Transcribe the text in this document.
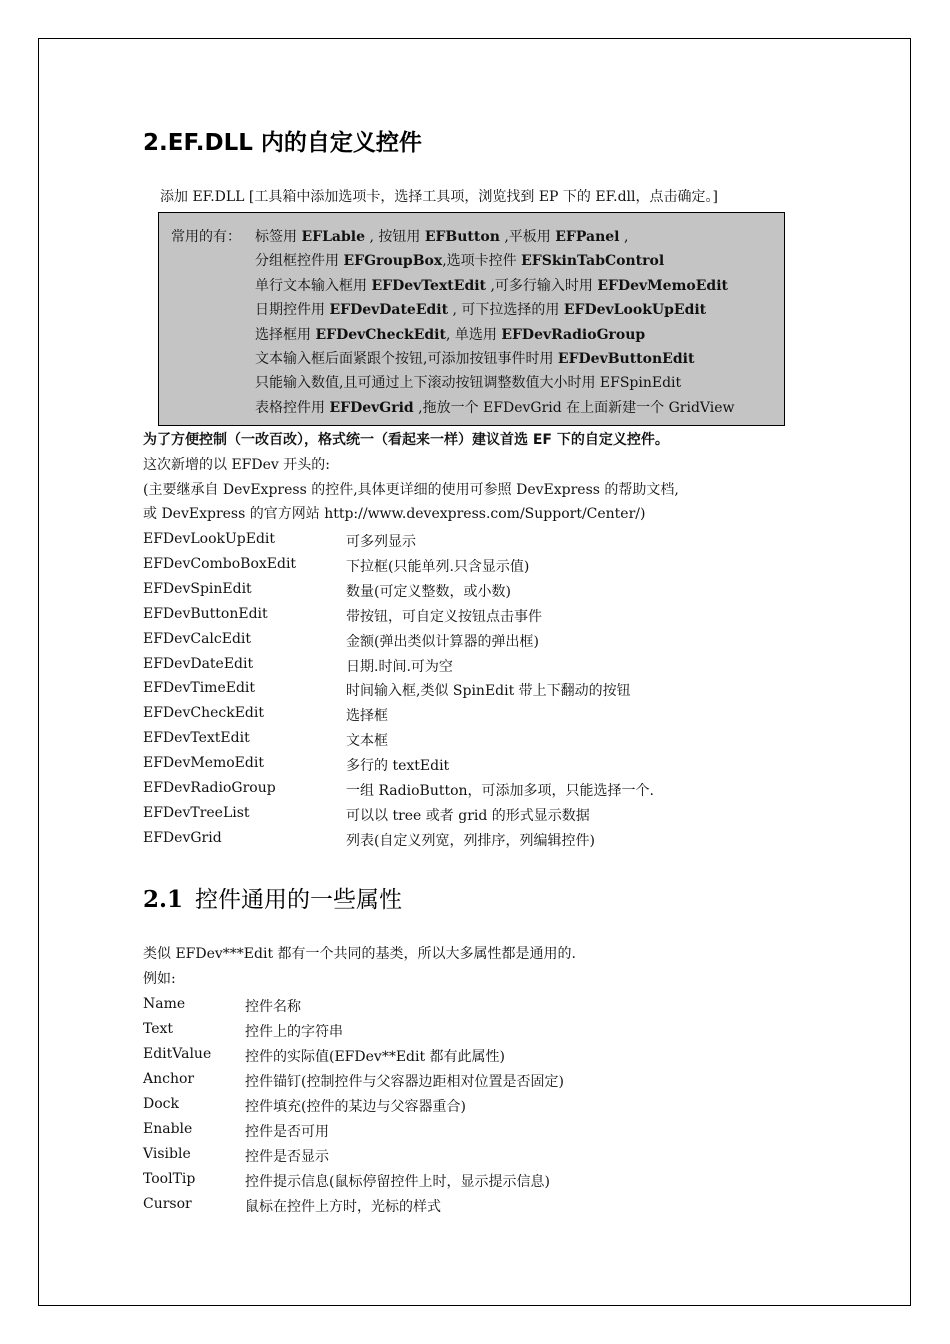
2.EF.DLL 内的自定义控件
添加 EF.DLL [工具箱中添加选项卡，选择工具项，浏览找到 EP 下的 EF.dll，点击确定。]
常用的有： 标签用 EFLable , 按钮用 EFButton ,平板用 EFPanel ,
分组框控件用 EFGroupBox,选项卡控件 EFSkinTabControl
单行文本输入框用 EFDevTextEdit ,可多行输入时用 EFDevMemoEdit
日期控件用 EFDevDateEdit , 可下拉选择的用 EFDevLookUpEdit
选择框用 EFDevCheckEdit, 单选用 EFDevRadioGroup
文本输入框后面紧跟个按钮,可添加按钮事件时用 EFDevButtonEdit
只能输入数值,且可通过上下滚动按钮调整数值大小时用 EFSpinEdit
表格控件用 EFDevGrid ,拖放一个 EFDevGrid 在上面新建一个 GridView
为了方便控制（一改百改），格式统一（看起来一样）建议首选 EF 下的自定义控件。
这次新增的以 EFDev 开头的:
(主要继承自 DevExpress 的控件,具体更详细的使用可参照 DevExpress 的帮助文档,
或 DevExpress 的官方网站 http://www.devexpress.com/Support/Center/)
EFDevLookUpEdit	可多列显示
EFDevComboBoxEdit	下拉框(只能单列.只含显示值)
EFDevSpinEdit	数量(可定义整数，或小数)
EFDevButtonEdit	带按钮，可自定义按钮点击事件
EFDevCalcEdit	金额(弹出类似计算器的弹出框)
EFDevDateEdit	日期.时间.可为空
EFDevTimeEdit	时间输入框,类似 SpinEdit 带上下翻动的按钮
EFDevCheckEdit	选择框
EFDevTextEdit	文本框
EFDevMemoEdit	多行的 textEdit
EFDevRadioGroup	一组 RadioButton，可添加多项，只能选择一个.
EFDevTreeList	可以以 tree 或者 grid 的形式显示数据
EFDevGrid	列表(自定义列宽，列排序，列编辑控件)
2.1 控件通用的一些属性
类似 EFDev***Edit 都有一个共同的基类，所以大多属性都是通用的.
例如:
Name	控件名称
Text	控件上的字符串
EditValue 控件的实际值(EFDev**Edit 都有此属性)
Anchor	控件锚钉(控制控件与父容器边距相对位置是否固定)
Dock	控件填充(控件的某边与父容器重合)
Enable	控件是否可用
Visible	控件是否显示
ToolTip	控件提示信息(鼠标停留控件上时，显示提示信息)
Cursor	鼠标在控件上方时，光标的样式
